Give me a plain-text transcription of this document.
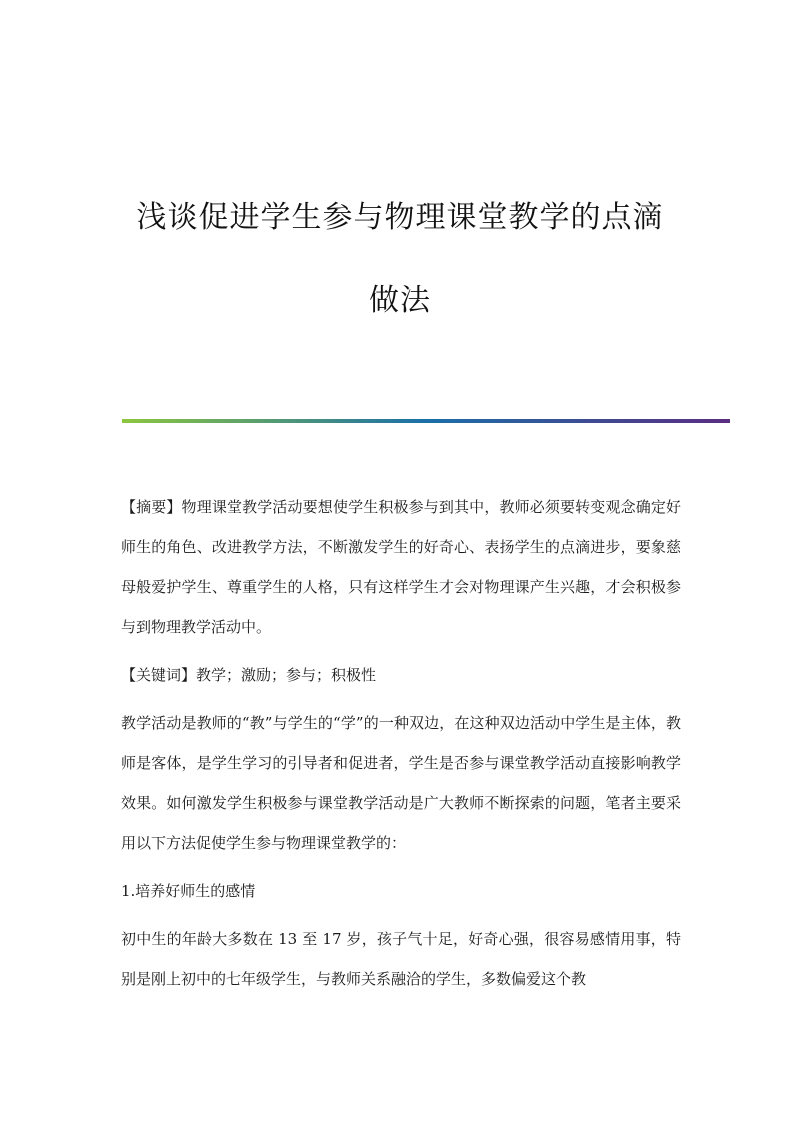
浅谈促进学生参与物理课堂教学的点滴
做法

【摘要】物理课堂教学活动要想使学生积极参与到其中，教师必须要转变观念确定好师生的角色、改进教学方法，不断激发学生的好奇心、表扬学生的点滴进步，要象慈母般爱护学生、尊重学生的人格，只有这样学生才会对物理课产生兴趣，才会积极参与到物理教学活动中。

【关键词】教学；激励；参与；积极性

教学活动是教师的“教”与学生的“学”的一种双边，在这种双边活动中学生是主体，教师是客体，是学生学习的引导者和促进者，学生是否参与课堂教学活动直接影响教学效果。如何激发学生积极参与课堂教学活动是广大教师不断探索的问题，笔者主要采用以下方法促使学生参与物理课堂教学的：

1.培养好师生的感情

初中生的年龄大多数在 13 至 17 岁，孩子气十足，好奇心强，很容易感情用事，特别是刚上初中的七年级学生，与教师关系融洽的学生，多数偏爱这个教
